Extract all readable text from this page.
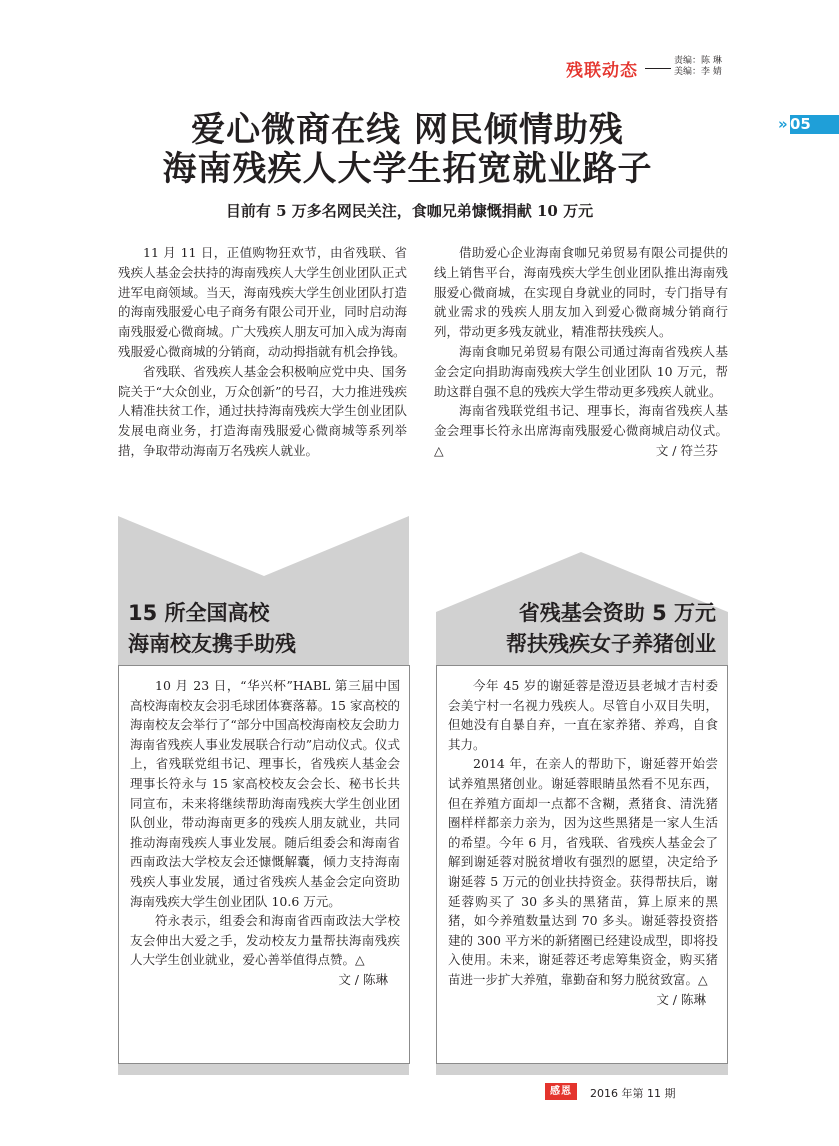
残联动态	责编：陈 琳
美编：李 婧
» 05
爱心微商在线 网民倾情助残
海南残疾人大学生拓宽就业路子
目前有 5 万多名网民关注，食咖兄弟慷慨捐献 10 万元

11 月 11 日，正值购物狂欢节，由省残联、省残疾人基金会扶持的海南残疾人大学生创业团队正式进军电商领域。当天，海南残疾大学生创业团队打造的海南残服爱心电子商务有限公司开业，同时启动海南残服爱心微商城。广大残疾人朋友可加入成为海南残服爱心微商城的分销商，动动拇指就有机会挣钱。

省残联、省残疾人基金会积极响应党中央、国务院关于“大众创业，万众创新”的号召，大力推进残疾人精准扶贫工作，通过扶持海南残疾大学生创业团队发展电商业务，打造海南残服爱心微商城等系列举措，争取带动海南万名残疾人就业。

借助爱心企业海南食咖兄弟贸易有限公司提供的线上销售平台，海南残疾大学生创业团队推出海南残服爱心微商城，在实现自身就业的同时，专门指导有就业需求的残疾人朋友加入到爱心微商城分销商行列，带动更多残友就业，精准帮扶残疾人。

海南食咖兄弟贸易有限公司通过海南省残疾人基金会定向捐助海南残疾大学生创业团队 10 万元，帮助这群自强不息的残疾大学生带动更多残疾人就业。

海南省残联党组书记、理事长，海南省残疾人基金会理事长符永出席海南残服爱心微商城启动仪式。△	文 / 符兰芬

15 所全国高校
海南校友携手助残

10 月 23 日，“华兴杯”HABL 第三届中国高校海南校友会羽毛球团体赛落幕。15 家高校的海南校友会举行了“部分中国高校海南校友会助力海南省残疾人事业发展联合行动”启动仪式。仪式上，省残联党组书记、理事长，省残疾人基金会理事长符永与 15 家高校校友会会长、秘书长共同宣布，未来将继续帮助海南残疾大学生创业团队创业，带动海南更多的残疾人朋友就业，共同推动海南残疾人事业发展。随后组委会和海南省西南政法大学校友会还慷慨解囊，倾力支持海南残疾人事业发展，通过省残疾人基金会定向资助海南残疾大学生创业团队 10.6 万元。

符永表示，组委会和海南省西南政法大学校友会伸出大爱之手，发动校友力量帮扶海南残疾人大学生创业就业，爱心善举值得点赞。△
文 / 陈琳

省残基会资助 5 万元
帮扶残疾女子养猪创业

今年 45 岁的谢延蓉是澄迈县老城才吉村委会美宁村一名视力残疾人。尽管自小双目失明，但她没有自暴自弃，一直在家养猪、养鸡，自食其力。

2014 年，在亲人的帮助下，谢延蓉开始尝试养殖黑猪创业。谢延蓉眼睛虽然看不见东西，但在养殖方面却一点都不含糊，煮猪食、清洗猪圈样样都亲力亲为，因为这些黑猪是一家人生活的希望。今年 6 月，省残联、省残疾人基金会了解到谢延蓉对脱贫增收有强烈的愿望，决定给予谢延蓉 5 万元的创业扶持资金。获得帮扶后，谢延蓉购买了 30 多头的黑猪苗，算上原来的黑猪，如今养殖数量达到 70 多头。谢延蓉投资搭建的 300 平方米的新猪圈已经建设成型，即将投入使用。未来，谢延蓉还考虑筹集资金，购买猪苗进一步扩大养殖，靠勤奋和努力脱贫致富。△
文 / 陈琳

感恩	2016 年第 11 期
